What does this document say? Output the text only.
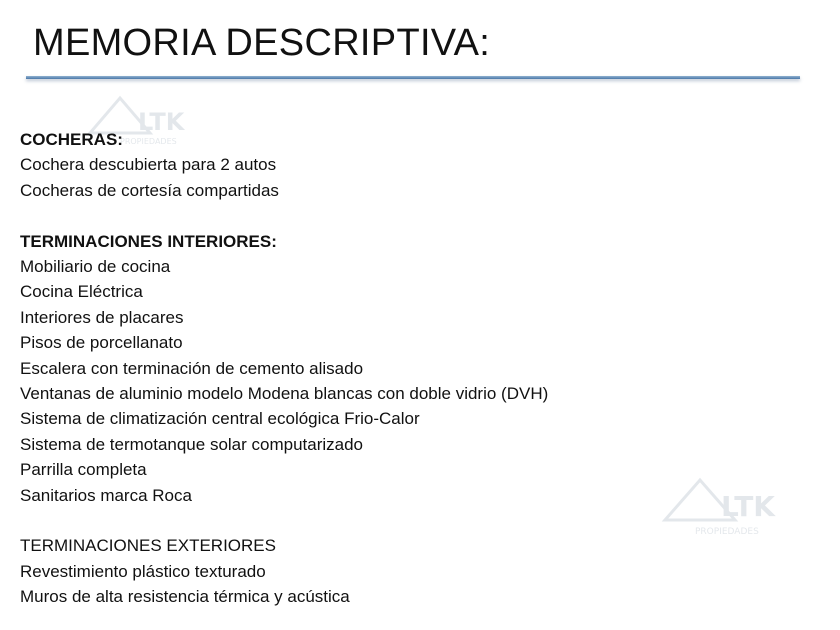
MEMORIA DESCRIPTIVA:
LTK
PROPIEDADES
LTK
PROPIEDADES
COCHERAS:
Cochera descubierta para 2 autos
Cocheras de cortesía compartidas
TERMINACIONES INTERIORES:
Mobiliario de cocina
Cocina Eléctrica
Interiores de placares
Pisos de porcellanato
Escalera con terminación de cemento alisado
Ventanas de aluminio modelo Modena blancas con doble vidrio (DVH)
Sistema de climatización central ecológica Frio-Calor
Sistema de termotanque solar computarizado
Parrilla completa
Sanitarios marca Roca
TERMINACIONES EXTERIORES
Revestimiento plástico texturado
Muros de alta resistencia térmica y acústica
